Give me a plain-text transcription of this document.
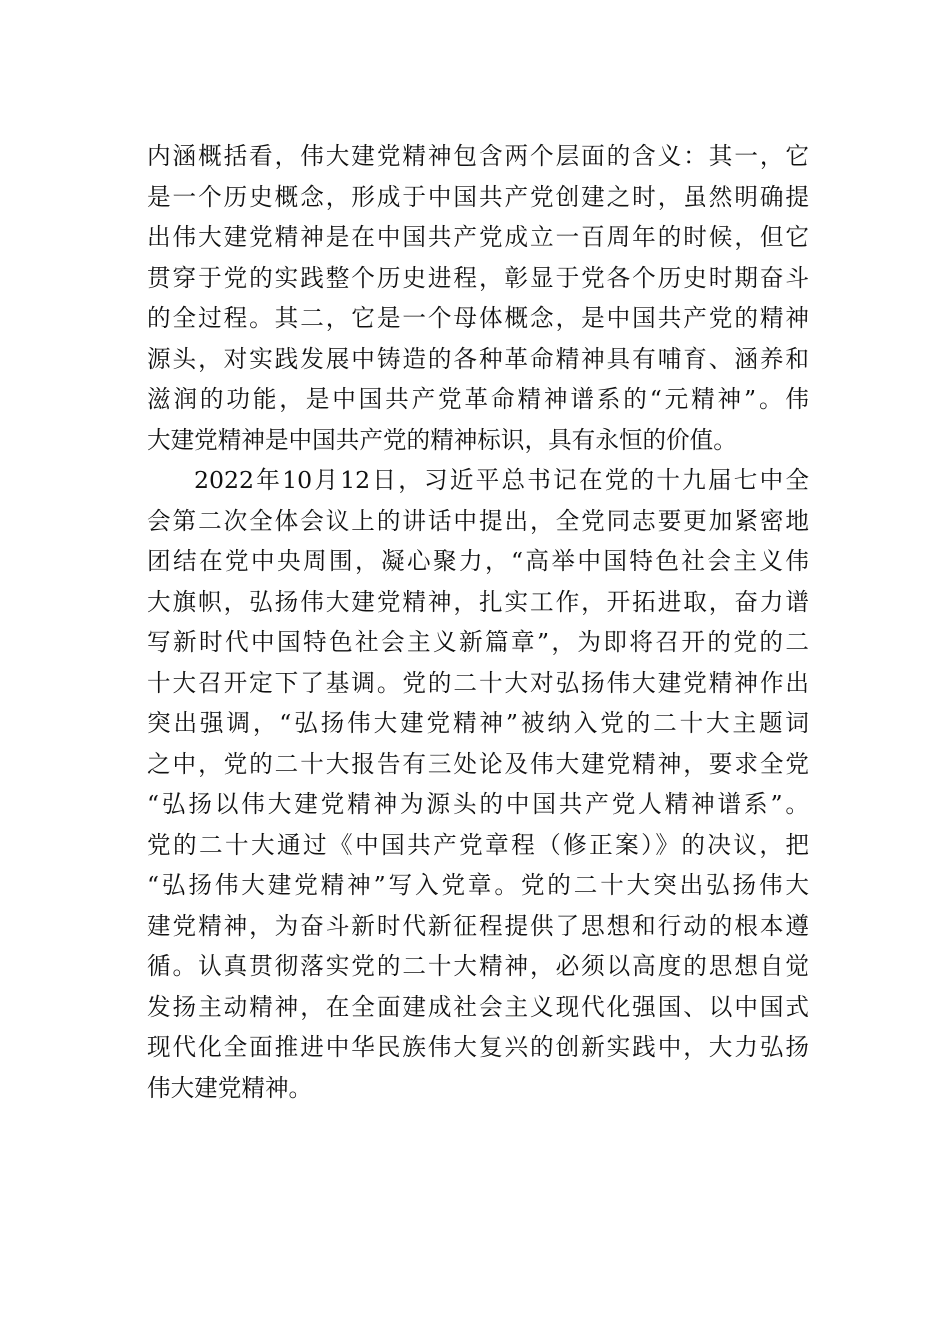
内涵概括看，伟大建党精神包含两个层面的含义：其一，它
是一个历史概念，形成于中国共产党创建之时，虽然明确提
出伟大建党精神是在中国共产党成立一百周年的时候，但它
贯穿于党的实践整个历史进程，彰显于党各个历史时期奋斗
的全过程。其二，它是一个母体概念，是中国共产党的精神
源头，对实践发展中铸造的各种革命精神具有哺育、涵养和
滋润的功能，是中国共产党革命精神谱系的“元精神”。伟
大建党精神是中国共产党的精神标识，具有永恒的价值。
2022年10月12日，习近平总书记在党的十九届七中全
会第二次全体会议上的讲话中提出，全党同志要更加紧密地
团结在党中央周围，凝心聚力，“高举中国特色社会主义伟
大旗帜，弘扬伟大建党精神，扎实工作，开拓进取，奋力谱
写新时代中国特色社会主义新篇章”，为即将召开的党的二
十大召开定下了基调。党的二十大对弘扬伟大建党精神作出
突出强调，“弘扬伟大建党精神”被纳入党的二十大主题词
之中，党的二十大报告有三处论及伟大建党精神，要求全党
“弘扬以伟大建党精神为源头的中国共产党人精神谱系”。
党的二十大通过《中国共产党章程（修正案）》的决议，把
“弘扬伟大建党精神”写入党章。党的二十大突出弘扬伟大
建党精神，为奋斗新时代新征程提供了思想和行动的根本遵
循。认真贯彻落实党的二十大精神，必须以高度的思想自觉
发扬主动精神，在全面建成社会主义现代化强国、以中国式
现代化全面推进中华民族伟大复兴的创新实践中，大力弘扬
伟大建党精神。
